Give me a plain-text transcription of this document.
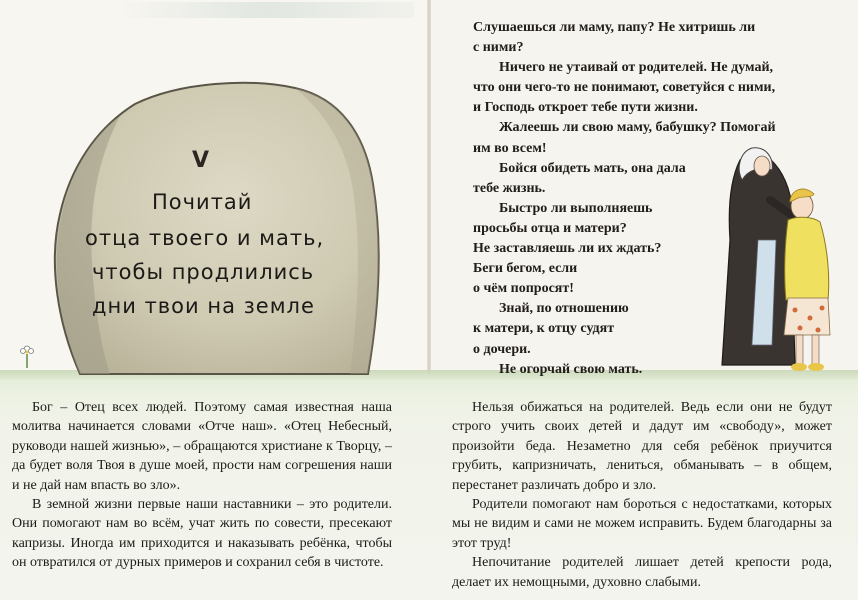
V
Почитай
отца твоего и мать,
чтобы продлились
дни твои на земле
Слушаешься ли маму, папу? Не хитришь ли
с ними?
Ничего не утаивай от родителей. Не думай,
что они чего-то не понимают, советуйся с ними,
и Господь откроет тебе пути жизни.
Жалеешь ли свою маму, бабушку? Помогай
им во всем!
Бойся обидеть мать, она дала
тебе жизнь.
Быстро ли выполняешь
просьбы отца и матери?
Не заставляешь ли их ждать?
Беги бегом, если
о чём попросят!
Знай, по отношению
к матери, к отцу судят
о дочери.
Не огорчай свою мать.

Бог – Отец всех людей. Поэтому самая известная наша молитва начинается словами «Отче наш». «Отец Небесный, руководи нашей жизнью», – обращаются христиане к Творцу, – да будет воля Твоя в душе моей, прости нам согрешения наши и не дай нам впасть во зло».

В земной жизни первые наши наставники – это родители. Они помогают нам во всём, учат жить по совести, пресекают капризы. Иногда им приходится и наказывать ребёнка, чтобы он отвратился от дурных примеров и сохранил себя в чистоте.

Нельзя обижаться на родителей. Ведь если они не будут строго учить своих детей и дадут им «свободу», может произойти беда. Незаметно для себя ребёнок приучится грубить, капризничать, лениться, обманывать – в общем, перестанет различать добро и зло.

Родители помогают нам бороться с недостатками, которых мы не видим и сами не можем исправить. Будем благодарны за этот труд!

Непочитание родителей лишает детей крепости рода, делает их немощными, духовно слабыми.
